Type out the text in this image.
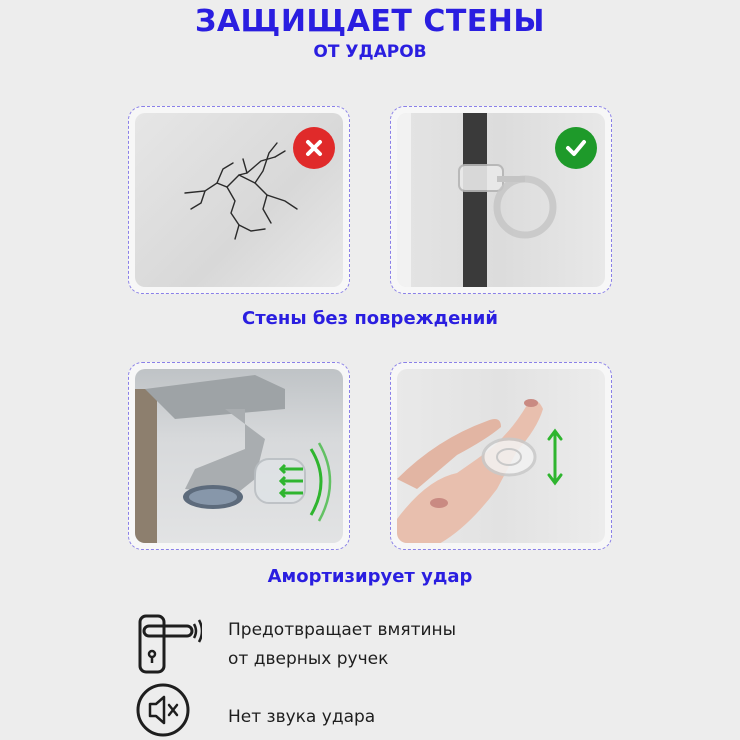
ЗАЩИЩАЕТ СТЕНЫ
ОТ УДАРОВ
Стены без повреждений
Амортизирует удар
Предотвращает вмятины
от дверных ручек
Нет звука удара
